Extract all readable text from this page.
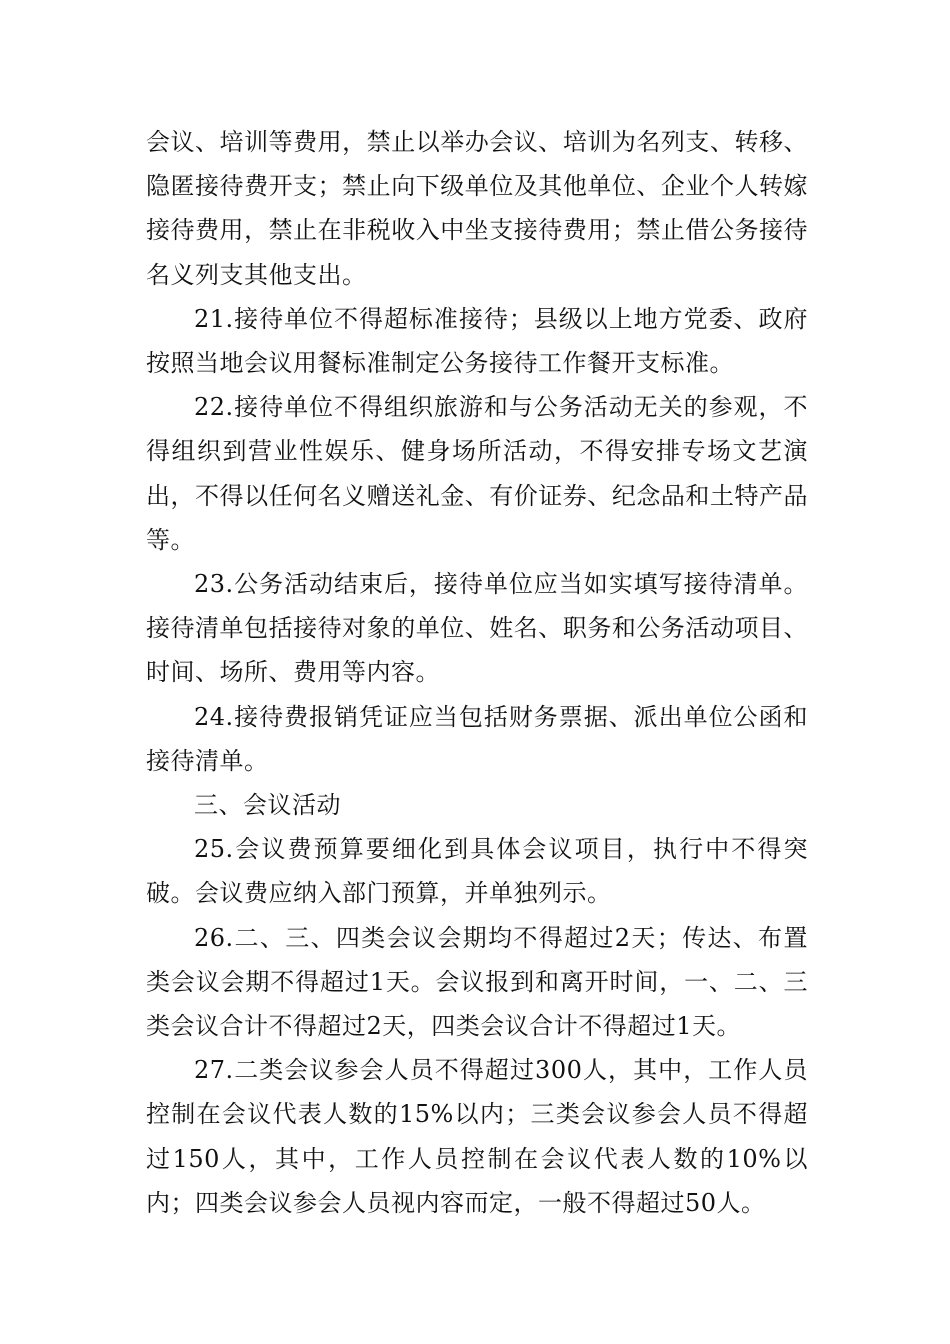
会议、培训等费用，禁止以举办会议、培训为名列支、转移、隐匿接待费开支；禁止向下级单位及其他单位、企业个人转嫁接待费用，禁止在非税收入中坐支接待费用；禁止借公务接待名义列支其他支出。

21.接待单位不得超标准接待；县级以上地方党委、政府按照当地会议用餐标准制定公务接待工作餐开支标准。

22.接待单位不得组织旅游和与公务活动无关的参观，不得组织到营业性娱乐、健身场所活动，不得安排专场文艺演出，不得以任何名义赠送礼金、有价证券、纪念品和土特产品等。

23.公务活动结束后，接待单位应当如实填写接待清单。接待清单包括接待对象的单位、姓名、职务和公务活动项目、时间、场所、费用等内容。

24.接待费报销凭证应当包括财务票据、派出单位公函和接待清单。

三、会议活动

25.会议费预算要细化到具体会议项目，执行中不得突破。会议费应纳入部门预算，并单独列示。

26.二、三、四类会议会期均不得超过2天；传达、布置类会议会期不得超过1天。会议报到和离开时间，一、二、三类会议合计不得超过2天，四类会议合计不得超过1天。

27.二类会议参会人员不得超过300人，其中，工作人员控制在会议代表人数的15%以内；三类会议参会人员不得超过150人，其中，工作人员控制在会议代表人数的10%以内；四类会议参会人员视内容而定，一般不得超过50人。
